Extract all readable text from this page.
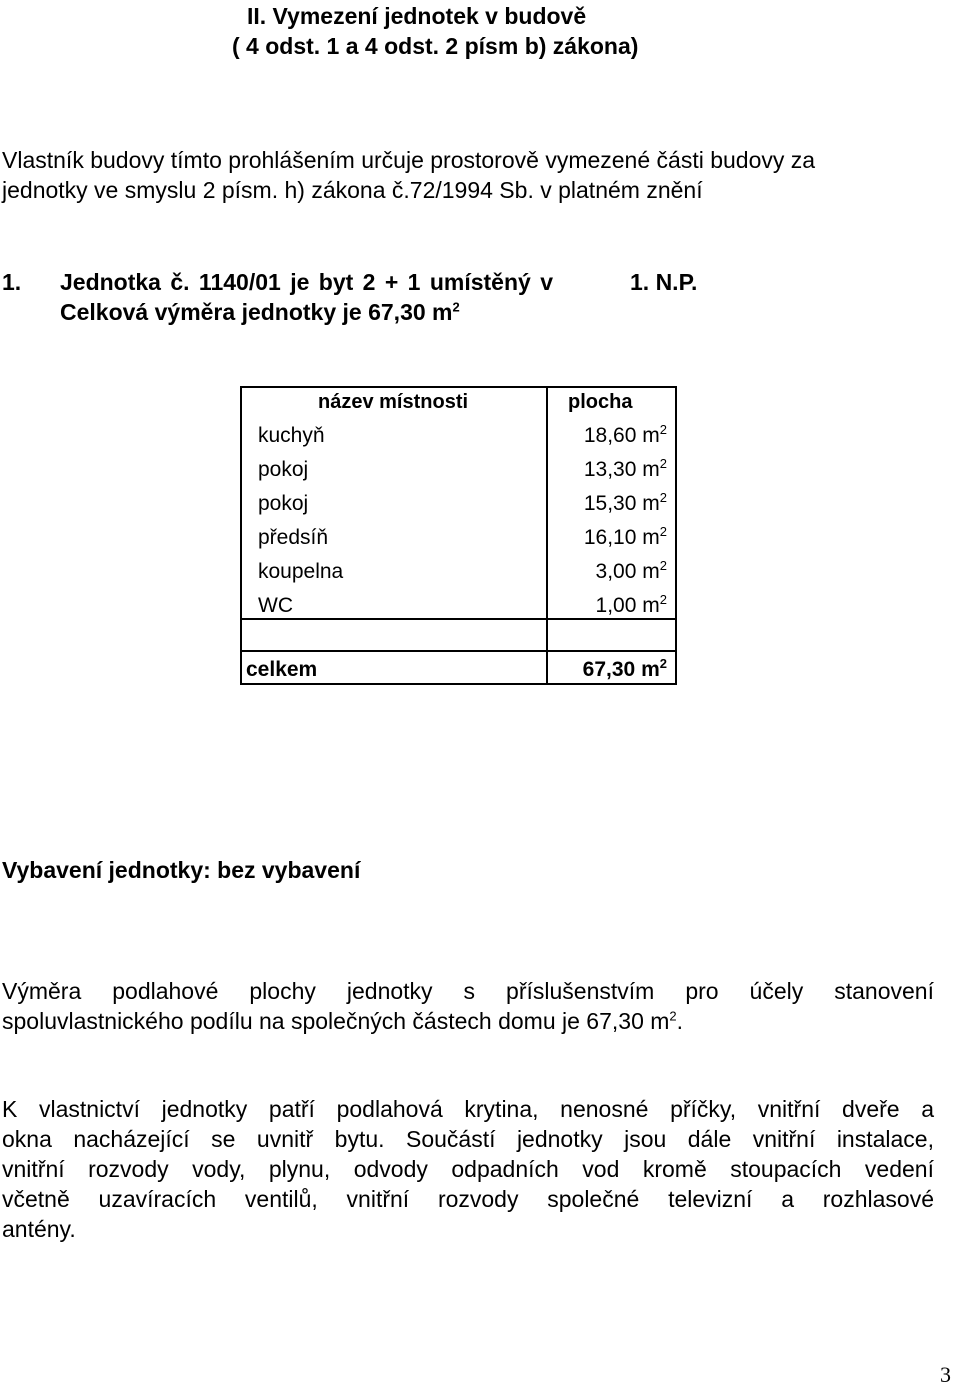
II. Vymezení jednotek v budově
( 4 odst. 1 a 4 odst. 2 písm b) zákona)
Vlastník budovy tímto prohlášením určuje prostorově vymezené části budovy za
jednotky ve smyslu 2 písm. h) zákona č.72/1994 Sb. v platném znění
1. Jednotka č. 1140/01 je byt 2 + 1 umístěný v	1. N.P.
Celková výměra jednotky je 67,30 $m^2$
název místnosti	plocha
kuchyň	18,60 $m^2$
pokoj	13,30 $m^2$
pokoj	15,30 $m^2$
předsíň	16,10 $m^2$
koupelna	3,00 $m^2$
WC	1,00 $m^2$
celkem	67,30 $m^2$
Vybavení jednotky: bez vybavení
Výměra podlahové plochy jednotky s příslušenstvím pro účely stanovení
spoluvlastnického podílu na společných částech domu je 67,30 $m^2$.
K vlastnictví jednotky patří podlahová krytina, nenosné příčky, vnitřní dveře a
okna nacházející se uvnitř bytu. Součástí jednotky jsou dále vnitřní instalace,
vnitřní rozvody vody, plynu, odvody odpadních vod kromě stoupacích vedení
včetně uzavíracích ventilů, vnitřní rozvody společné televizní a rozhlasové
antény.
3
